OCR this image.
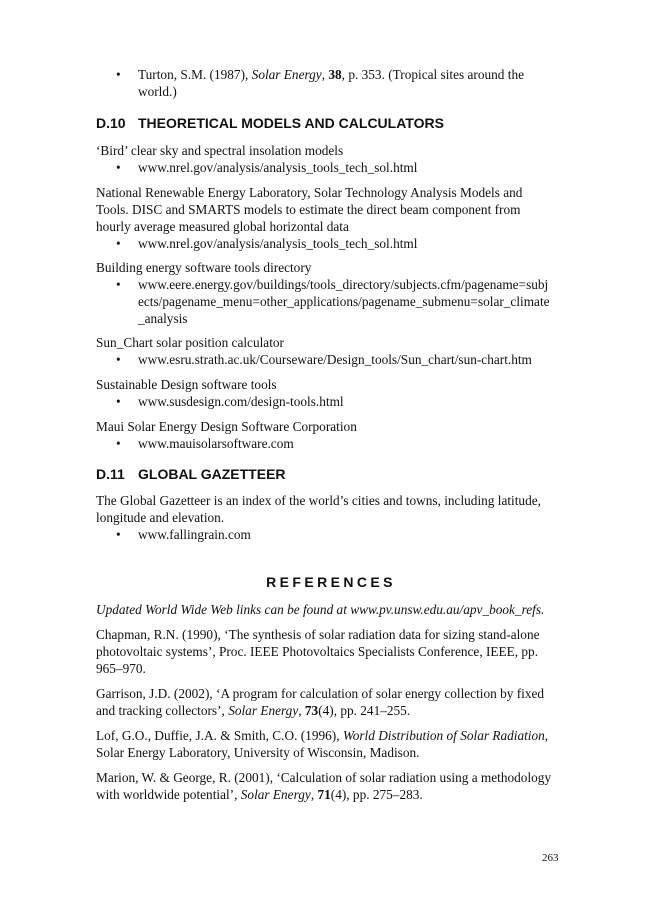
• Turton, S.M. (1987), Solar Energy, 38, p. 353. (Tropical sites around the
world.)
D.10 THEORETICAL MODELS AND CALCULATORS

‘Bird’ clear sky and spectral insolation models

• www.nrel.gov/analysis/analysis_tools_tech_sol.html

National Renewable Energy Laboratory, Solar Technology Analysis Models and
Tools. DISC and SMARTS models to estimate the direct beam component from
hourly average measured global horizontal data

• www.nrel.gov/analysis/analysis_tools_tech_sol.html

Building energy software tools directory

• www.eere.energy.gov/buildings/tools_directory/subjects.cfm/pagename=subj
ects/pagename_menu=other_applications/pagename_submenu=solar_climate
_analysis

Sun_Chart solar position calculator

• www.esru.strath.ac.uk/Courseware/Design_tools/Sun_chart/sun-chart.htm

Sustainable Design software tools

• www.susdesign.com/design-tools.html

Maui Solar Energy Design Software Corporation

• www.mauisolarsoftware.com
D.11 GLOBAL GAZETTEER

The Global Gazetteer is an index of the world’s cities and towns, including latitude,
longitude and elevation.

• www.fallingrain.com
REFERENCES

Updated World Wide Web links can be found at www.pv.unsw.edu.au/apv_book_refs.

Chapman, R.N. (1990), ‘The synthesis of solar radiation data for sizing stand-alone
photovoltaic systems’, Proc. IEEE Photovoltaics Specialists Conference, IEEE, pp.
965–970.

Garrison, J.D. (2002), ‘A program for calculation of solar energy collection by fixed
and tracking collectors’, Solar Energy, 73(4), pp. 241–255.

Lof, G.O., Duffie, J.A. & Smith, C.O. (1996), World Distribution of Solar Radiation,
Solar Energy Laboratory, University of Wisconsin, Madison.

Marion, W. & George, R. (2001), ‘Calculation of solar radiation using a methodology
with worldwide potential’, Solar Energy, 71(4), pp. 275–283.

263
